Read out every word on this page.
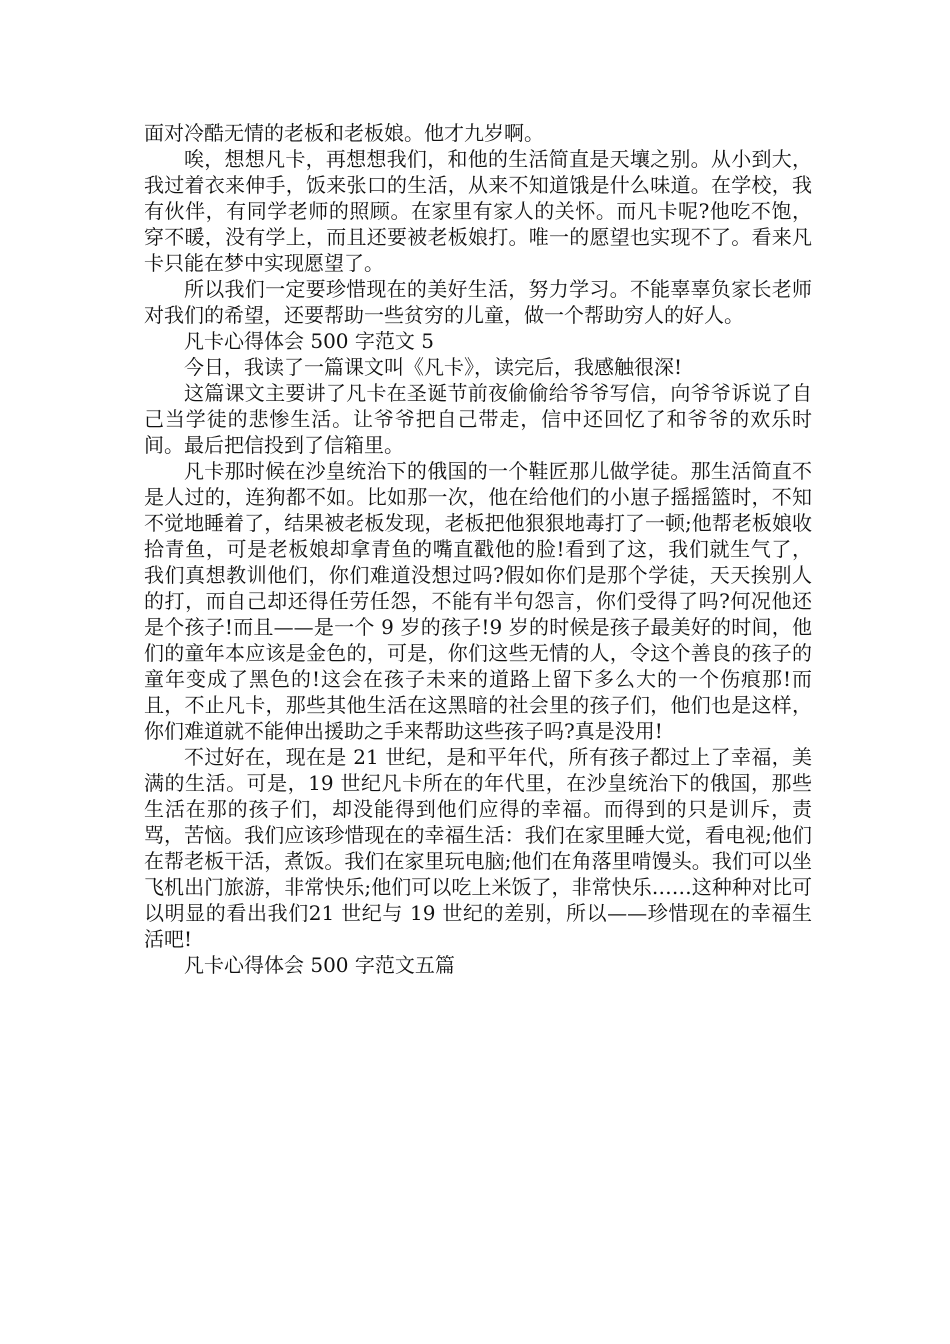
面对冷酷无情的老板和老板娘。他才九岁啊。

唉，想想凡卡，再想想我们，和他的生活简直是天壤之别。从小到大，我过着衣来伸手，饭来张口的生活，从来不知道饿是什么味道。在学校，我有伙伴，有同学老师的照顾。在家里有家人的关怀。而凡卡呢?他吃不饱，穿不暖，没有学上，而且还要被老板娘打。唯一的愿望也实现不了。看来凡卡只能在梦中实现愿望了。

所以我们一定要珍惜现在的美好生活，努力学习。不能辜辜负家长老师对我们的希望，还要帮助一些贫穷的儿童，做一个帮助穷人的好人。

凡卡心得体会 500 字范文 5

今日，我读了一篇课文叫《凡卡》，读完后，我感触很深!

这篇课文主要讲了凡卡在圣诞节前夜偷偷给爷爷写信，向爷爷诉说了自己当学徒的悲惨生活。让爷爷把自己带走，信中还回忆了和爷爷的欢乐时间。最后把信投到了信箱里。

凡卡那时候在沙皇统治下的俄国的一个鞋匠那儿做学徒。那生活简直不是人过的，连狗都不如。比如那一次，他在给他们的小崽子摇摇篮时，不知不觉地睡着了，结果被老板发现，老板把他狠狠地毒打了一顿;他帮老板娘收拾青鱼，可是老板娘却拿青鱼的嘴直戳他的脸!看到了这，我们就生气了，我们真想教训他们，你们难道没想过吗?假如你们是那个学徒，天天挨别人的打，而自己却还得任劳任怨，不能有半句怨言，你们受得了吗?何况他还是个孩子!而且——是一个 9 岁的孩子!9 岁的时候是孩子最美好的时间，他们的童年本应该是金色的，可是，你们这些无情的人，令这个善良的孩子的童年变成了黑色的!这会在孩子未来的道路上留下多么大的一个伤痕那!而且，不止凡卡，那些其他生活在这黑暗的社会里的孩子们，他们也是这样，你们难道就不能伸出援助之手来帮助这些孩子吗?真是没用!

不过好在，现在是 21 世纪，是和平年代，所有孩子都过上了幸福，美满的生活。可是，19 世纪凡卡所在的年代里，在沙皇统治下的俄国，那些生活在那的孩子们，却没能得到他们应得的幸福。而得到的只是训斥，责骂，苦恼。我们应该珍惜现在的幸福生活：我们在家里睡大觉，看电视;他们在帮老板干活，煮饭。我们在家里玩电脑;他们在角落里啃馒头。我们可以坐飞机出门旅游，非常快乐;他们可以吃上米饭了，非常快乐……这种种对比可以明显的看出我们21 世纪与 19 世纪的差别，所以——珍惜现在的幸福生活吧!

凡卡心得体会 500 字范文五篇
